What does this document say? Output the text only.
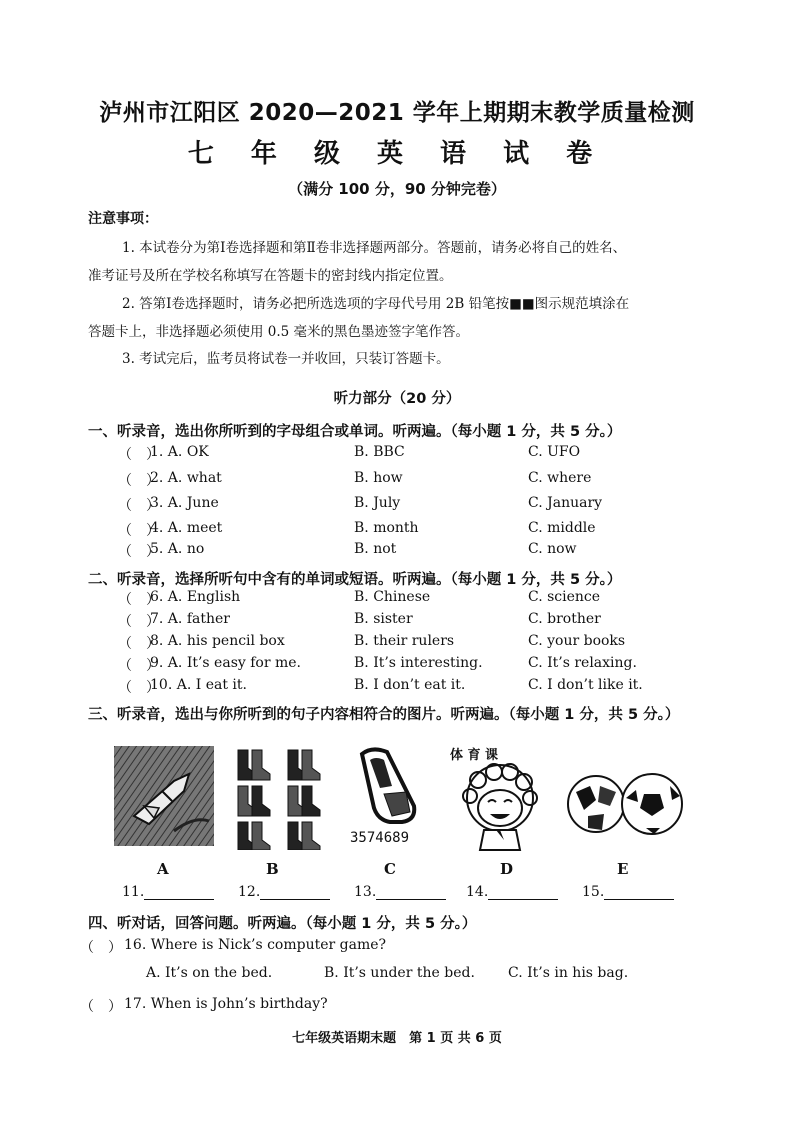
泸州市江阳区 2020—2021 学年上期期末教学质量检测
七 年 级 英 语 试 卷
（满分 100 分，90 分钟完卷）
注意事项：
1. 本试卷分为第Ⅰ卷选择题和第Ⅱ卷非选择题两部分。答题前，请务必将自己的姓名、
准考证号及所在学校名称填写在答题卡的密封线内指定位置。
2. 答第Ⅰ卷选择题时，请务必把所选选项的字母代号用 2B 铅笔按■■图示规范填涂在
答题卡上，非选择题必须使用 0.5 毫米的黑色墨迹签字笔作答。
3. 考试完后，监考员将试卷一并收回，只装订答题卡。
听力部分（20 分）
一、听录音，选出你所听到的字母组合或单词。听两遍。（每小题 1 分，共 5 分。）
（　）
1. A. OK	B. BBC	C. UFO
（　）
2. A. what	B. how	C. where
（　）
3. A. June	B. July	C. January
（　）
4. A. meet	B. month	C. middle
（　）
5. A. no	B. not	C. now
二、听录音，选择所听句中含有的单词或短语。听两遍。（每小题 1 分，共 5 分。）
（　）
6. A. English	B. Chinese	C. science
（　）
7. A. father	B. sister	C. brother
（　）
8. A. his pencil box	B. their rulers	C. your books
（　）
9. A. It’s easy for me.	B. It’s interesting.	C. It’s relaxing.
（　）
10. A. I eat it.	B. I don’t eat it.	C. I don’t like it.
三、听录音，选出与你所听到的句子内容相符合的图片。听两遍。（每小题 1 分，共 5 分。）
3574689
体 育 课
A	B	C	D	E
11.	12.	13.	14.	15.
四、听对话，回答问题。听两遍。（每小题 1 分，共 5 分。）
（　） 16. Where is Nick’s computer game?
A. It’s on the bed.	B. It’s under the bed. C. It’s in his bag.
（　） 17. When is John’s birthday?
七年级英语期末题　第 1 页 共 6 页
